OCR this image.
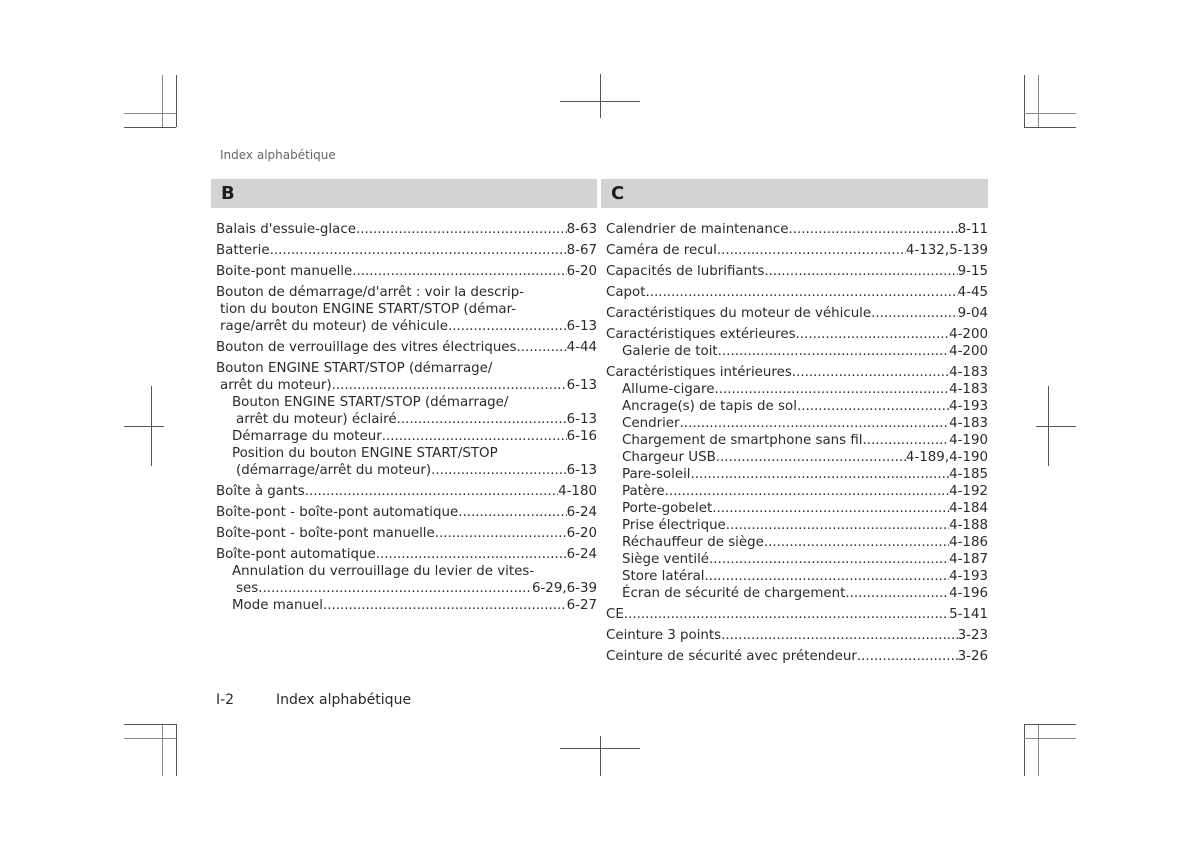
Index alphabétique
B
Balais d'essuie-glace .....	8-63
Batterie .....	8-67
Boite-pont manuelle .....	6-20
Bouton de démarrage/d'arrêt : voir la descrip-
tion du bouton ENGINE START/STOP (démar-
rage/arrêt du moteur) de véhicule .....	6-13
Bouton de verrouillage des vitres électriques .....	4-44
Bouton ENGINE START/STOP (démarrage/
arrêt du moteur) .....	6-13
Bouton ENGINE START/STOP (démarrage/
arrêt du moteur) éclairé .....	6-13
Démarrage du moteur .....	6-16
Position du bouton ENGINE START/STOP
(démarrage/arrêt du moteur) .....	6-13
Boîte à gants .....	4-180
Boîte-pont - boîte-pont automatique .....	6-24
Boîte-pont - boîte-pont manuelle .....	6-20
Boîte-pont automatique .....	6-24
Annulation du verrouillage du levier de vites-
ses .....	6-29,6-39
Mode manuel .....	6-27
C
Calendrier de maintenance .....	8-11
Caméra de recul .....	4-132,5-139
Capacités de lubrifiants .....	9-15
Capot .....	4-45
Caractéristiques du moteur de véhicule .....	9-04
Caractéristiques extérieures .....	4-200
Galerie de toit .....	4-200
Caractéristiques intérieures .....	4-183
Allume-cigare .....	4-183
Ancrage(s) de tapis de sol .....	4-193
Cendrier .....	4-183
Chargement de smartphone sans fil .....	4-190
Chargeur USB .....	4-189,4-190
Pare-soleil .....	4-185
Patère .....	4-192
Porte-gobelet .....	4-184
Prise électrique .....	4-188
Réchauffeur de siège .....	4-186
Siège ventilé .....	4-187
Store latéral .....	4-193
Écran de sécurité de chargement .....	4-196
CE .....	5-141
Ceinture 3 points .....	3-23
Ceinture de sécurité avec prétendeur .....	3-26
I-2	Index alphabétique
